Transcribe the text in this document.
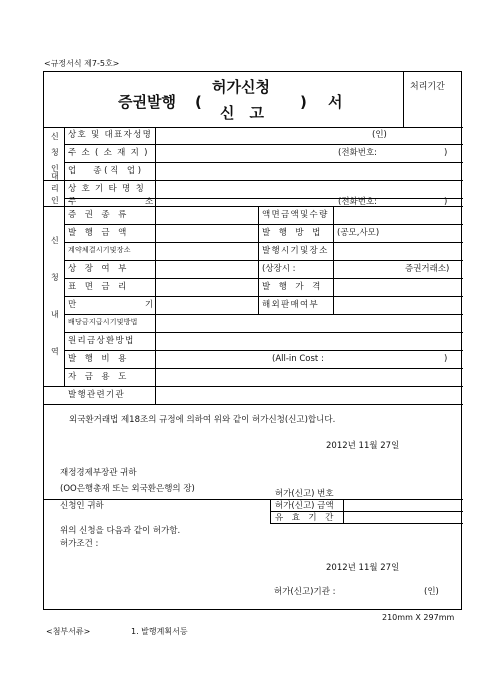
<규정서식 제7-5호>
증권발행 (
허가신청
신　고
) 서
처리기간
신
청
인
대
리
인
신
청
내
역
상호 및 대표자성명	(인)
주 소 ( 소 재 지 )	(전화번호:	)
업　　종 ( 직　업 )
상 호 기 타 명 칭
주	소	(전화번호:	)
증　권　종　류	액면금액및수량
발　행　금　액	발　행　방　법 (공모,사모)
계약체결시기및장소	발행시기및장소
상　장　여　부	(상장시 :	증권거래소)
표　면　금　리	발　행　가　격
만	기	해외판매여부
배당금지급시기및방법
원리금상환방법
발　행　비　용	(All-in Cost :	)
자　금　용　도
발행관련기관
외국환거래법 제18조의 규정에 의하여 위와 같이 허가신청(신고)합니다.
2012년 11월 27일
재정경제부장관 귀하
(OO은행총재 또는 외국환은행의 장)	허가(신고) 번호
허가(신고) 금액
유　효　기　간
신청인 귀하
위의 신청을 다음과 같이 허가함.
허가조건 :
2012년 11월 27일
허가(신고)기관 :	(인)
210mm X 297mm
<첨부서류>	1. 발행계획서등
